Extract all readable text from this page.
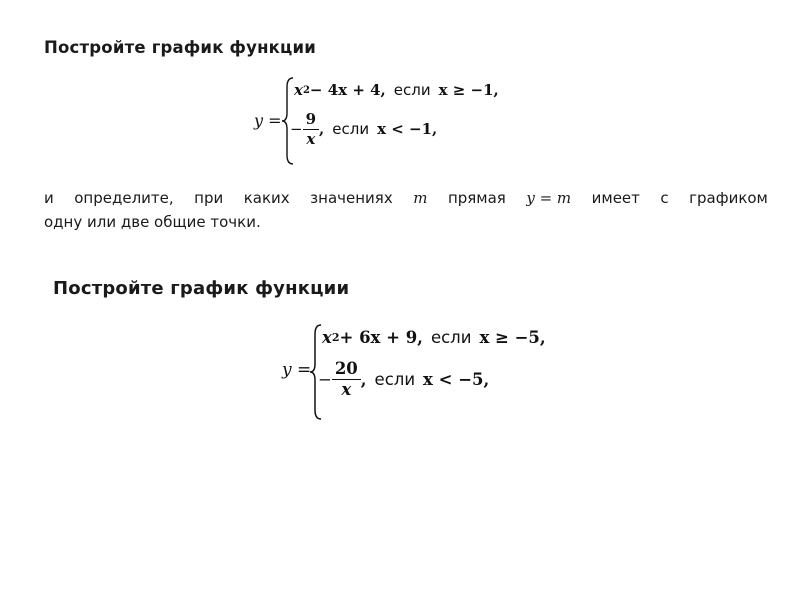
Постройте график функции
y =
x 2 − 4x + 4, если x ≥ −1,
− $\frac{9}{x}$ , если x < −1,
и определите, при каких значениях m прямая y = m имеет с графиком
одну или две общие точки.
Постройте график функции
y =
x 2 + 6x + 9, если x ≥ −5,
− $\frac{20}{x}$ , если x < −5,
